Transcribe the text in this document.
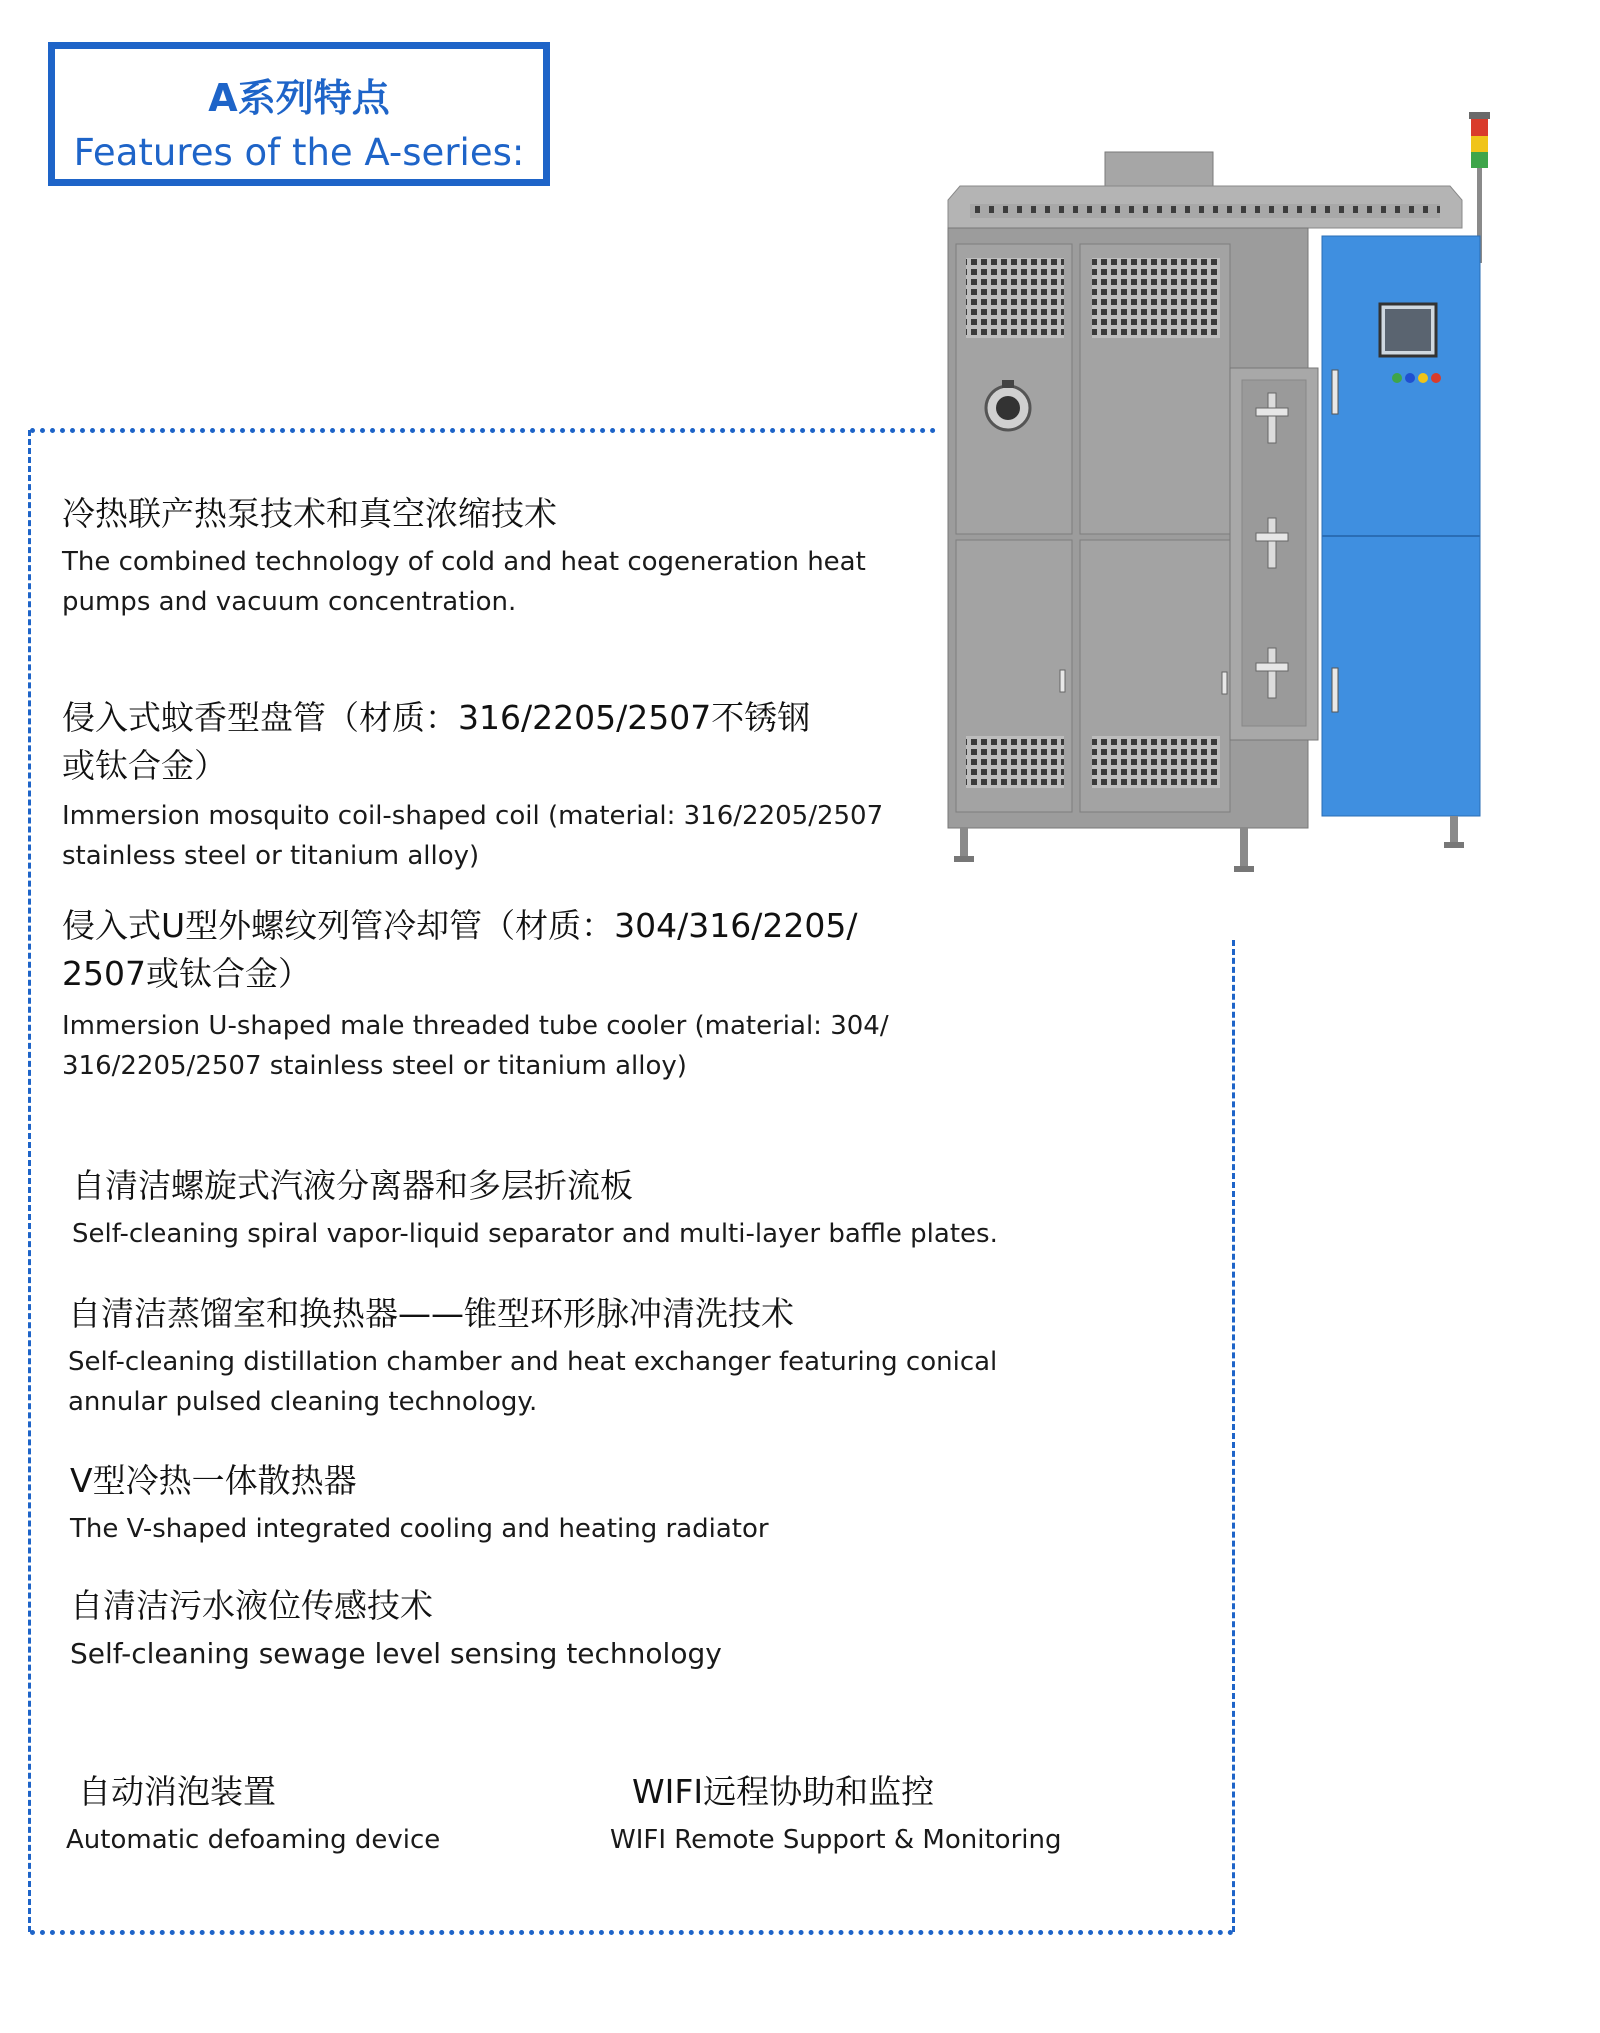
A系列特点
Features of the A-series:
冷热联产热泵技术和真空浓缩技术
The combined technology of cold and heat cogeneration heat
pumps and vacuum concentration.
侵入式蚊香型盘管（材质：316/2205/2507不锈钢
或钛合金）
Immersion mosquito coil-shaped coil (material: 316/2205/2507
stainless steel or titanium alloy)
侵入式U型外螺纹列管冷却管（材质：304/316/2205/
2507或钛合金）
Immersion U-shaped male threaded tube cooler (material: 304/
316/2205/2507 stainless steel or titanium alloy)
自清洁螺旋式汽液分离器和多层折流板
Self-cleaning spiral vapor-liquid separator and multi-layer baffle plates.
自清洁蒸馏室和换热器——锥型环形脉冲清洗技术
Self-cleaning distillation chamber and heat exchanger featuring conical
annular pulsed cleaning technology.
V型冷热一体散热器
The V-shaped integrated cooling and heating radiator
自清洁污水液位传感技术
Self-cleaning sewage level sensing technology
自动消泡装置
Automatic defoaming device
WIFI远程协助和监控
WIFI Remote Support & Monitoring
